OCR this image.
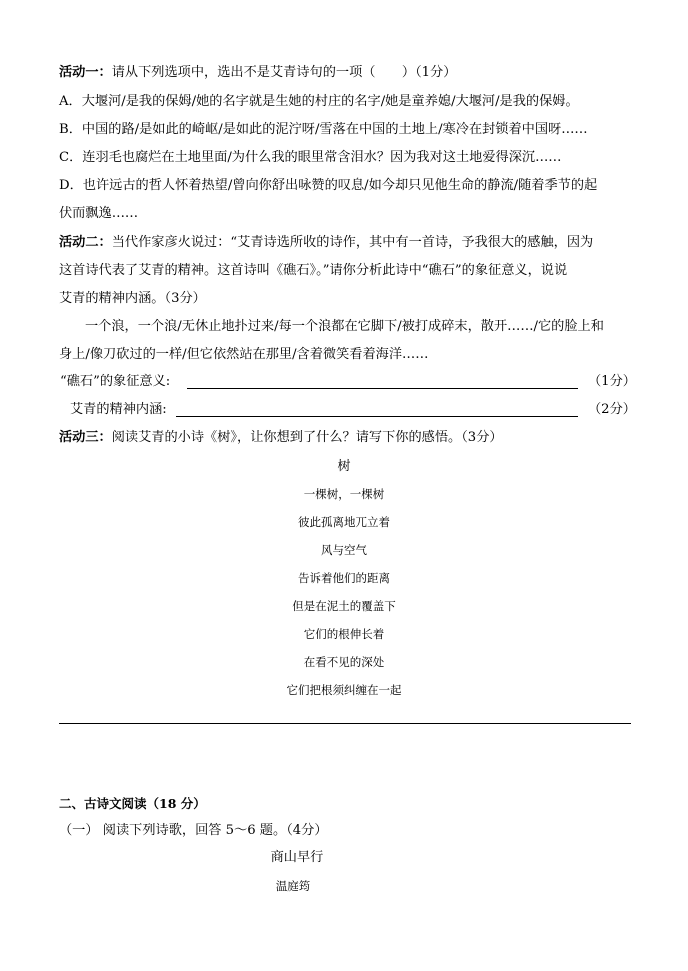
活动一：请从下列选项中，选出不是艾青诗句的一项（　　）（1分）
A．大堰河/是我的保姆/她的名字就是生她的村庄的名字/她是童养媳/大堰河/是我的保姆。
B．中国的路/是如此的崎岖/是如此的泥泞呀/雪落在中国的土地上/寒冷在封锁着中国呀……
C．连羽毛也腐烂在土地里面/为什么我的眼里常含泪水？因为我对这土地爱得深沉……
D．也许远古的哲人怀着热望/曾向你舒出咏赞的叹息/如今却只见他生命的静流/随着季节的起
伏而飘逸……
活动二：当代作家彦火说过：“艾青诗选所收的诗作，其中有一首诗，予我很大的感触，因为
这首诗代表了艾青的精神。这首诗叫《礁石》。”请你分析此诗中“礁石”的象征意义，说说
艾青的精神内涵。（3分）
一个浪，一个浪/无休止地扑过来/每一个浪都在它脚下/被打成碎末，散开……/它的脸上和
身上/像刀砍过的一样/但它依然站在那里/含着微笑看着海洋……
“礁石”的象征意义:	（1分）
艾青的精神内涵:	（2分）
活动三：阅读艾青的小诗《树》，让你想到了什么？请写下你的感悟。（3分）
树
一棵树，一棵树
彼此孤离地兀立着
风与空气
告诉着他们的距离
但是在泥土的覆盖下
它们的根伸长着
在看不见的深处
它们把根须纠缠在一起
二、古诗文阅读（18 分）
（一） 阅读下列诗歌，回答 5～6 题。（4分）
商山早行
温庭筠
